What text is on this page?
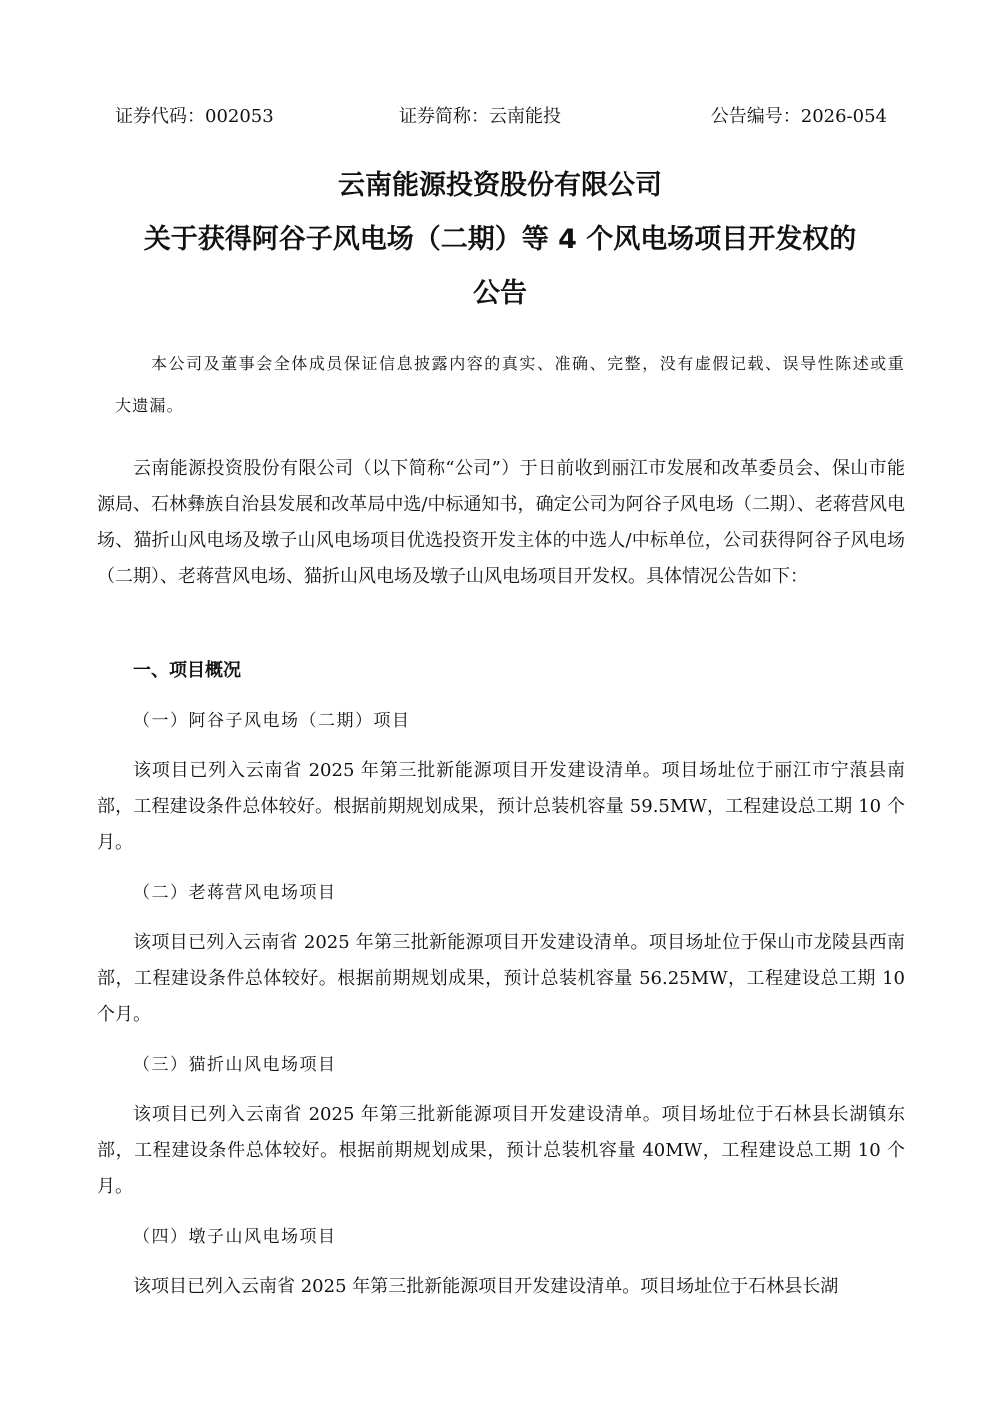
证券代码：002053	证券简称：云南能投	公告编号：2026-054
云南能源投资股份有限公司
关于获得阿谷子风电场（二期）等 4 个风电场项目开发权的
公告
本公司及董事会全体成员保证信息披露内容的真实、准确、完整，没有虚假记载、误导性陈述或重大遗漏。
云南能源投资股份有限公司（以下简称“公司”）于日前收到丽江市发展和改革委员会、保山市能源局、石林彝族自治县发展和改革局中选/中标通知书，确定公司为阿谷子风电场（二期）、老蒋营风电场、猫折山风电场及墩子山风电场项目优选投资开发主体的中选人/中标单位，公司获得阿谷子风电场（二期）、老蒋营风电场、猫折山风电场及墩子山风电场项目开发权。具体情况公告如下：
一、项目概况
（一）阿谷子风电场（二期）项目
该项目已列入云南省 2025 年第三批新能源项目开发建设清单。项目场址位于丽江市宁蒗县南部，工程建设条件总体较好。根据前期规划成果，预计总装机容量 59.5MW，工程建设总工期 10 个月。
（二）老蒋营风电场项目
该项目已列入云南省 2025 年第三批新能源项目开发建设清单。项目场址位于保山市龙陵县西南部，工程建设条件总体较好。根据前期规划成果，预计总装机容量 56.25MW，工程建设总工期 10 个月。
（三）猫折山风电场项目
该项目已列入云南省 2025 年第三批新能源项目开发建设清单。项目场址位于石林县长湖镇东部，工程建设条件总体较好。根据前期规划成果，预计总装机容量 40MW，工程建设总工期 10 个月。
（四）墩子山风电场项目
该项目已列入云南省 2025 年第三批新能源项目开发建设清单。项目场址位于石林县长湖
